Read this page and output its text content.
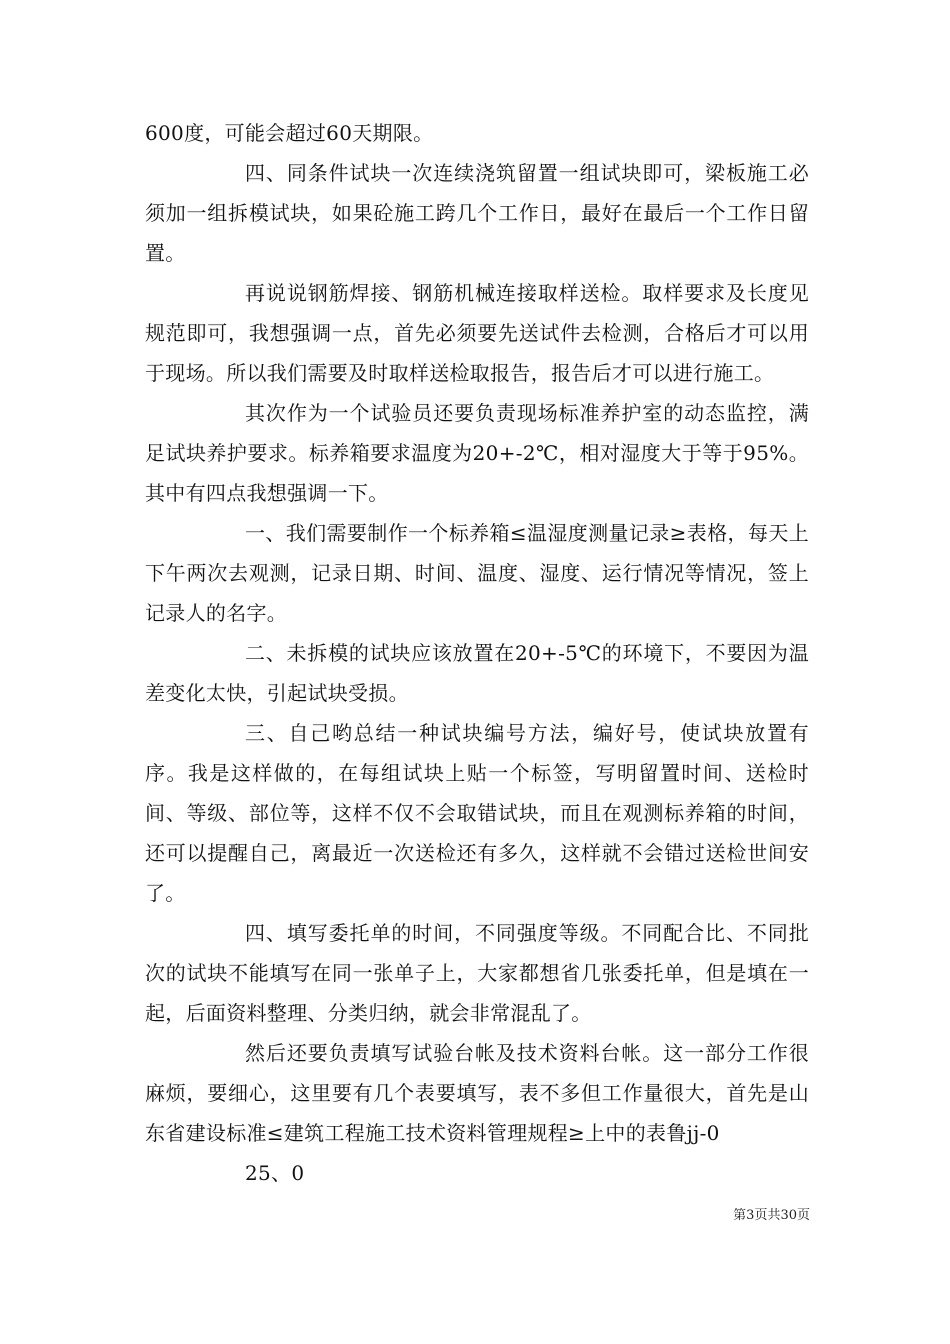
600度，可能会超过60天期限。

四、同条件试块一次连续浇筑留置一组试块即可，梁板施工必须加一组拆模试块，如果砼施工跨几个工作日，最好在最后一个工作日留置。

再说说钢筋焊接、钢筋机械连接取样送检。取样要求及长度见规范即可，我想强调一点，首先必须要先送试件去检测，合格后才可以用于现场。所以我们需要及时取样送检取报告，报告后才可以进行施工。

其次作为一个试验员还要负责现场标准养护室的动态监控，满足试块养护要求。标养箱要求温度为20+-2℃，相对湿度大于等于95%。其中有四点我想强调一下。

一、我们需要制作一个标养箱≤温湿度测量记录≥表格，每天上下午两次去观测，记录日期、时间、温度、湿度、运行情况等情况，签上记录人的名字。

二、未拆模的试块应该放置在20+-5℃的环境下，不要因为温差变化太快，引起试块受损。

三、自己哟总结一种试块编号方法，编好号，使试块放置有序。我是这样做的，在每组试块上贴一个标签，写明留置时间、送检时间、等级、部位等，这样不仅不会取错试块，而且在观测标养箱的时间，还可以提醒自己，离最近一次送检还有多久，这样就不会错过送检世间安了。

四、填写委托单的时间，不同强度等级。不同配合比、不同批次的试块不能填写在同一张单子上，大家都想省几张委托单，但是填在一起，后面资料整理、分类归纳，就会非常混乱了。

然后还要负责填写试验台帐及技术资料台帐。这一部分工作很麻烦，要细心，这里要有几个表要填写，表不多但工作量很大，首先是山东省建设标准≤建筑工程施工技术资料管理规程≥上中的表鲁jj-0

25、0

第3页共30页
